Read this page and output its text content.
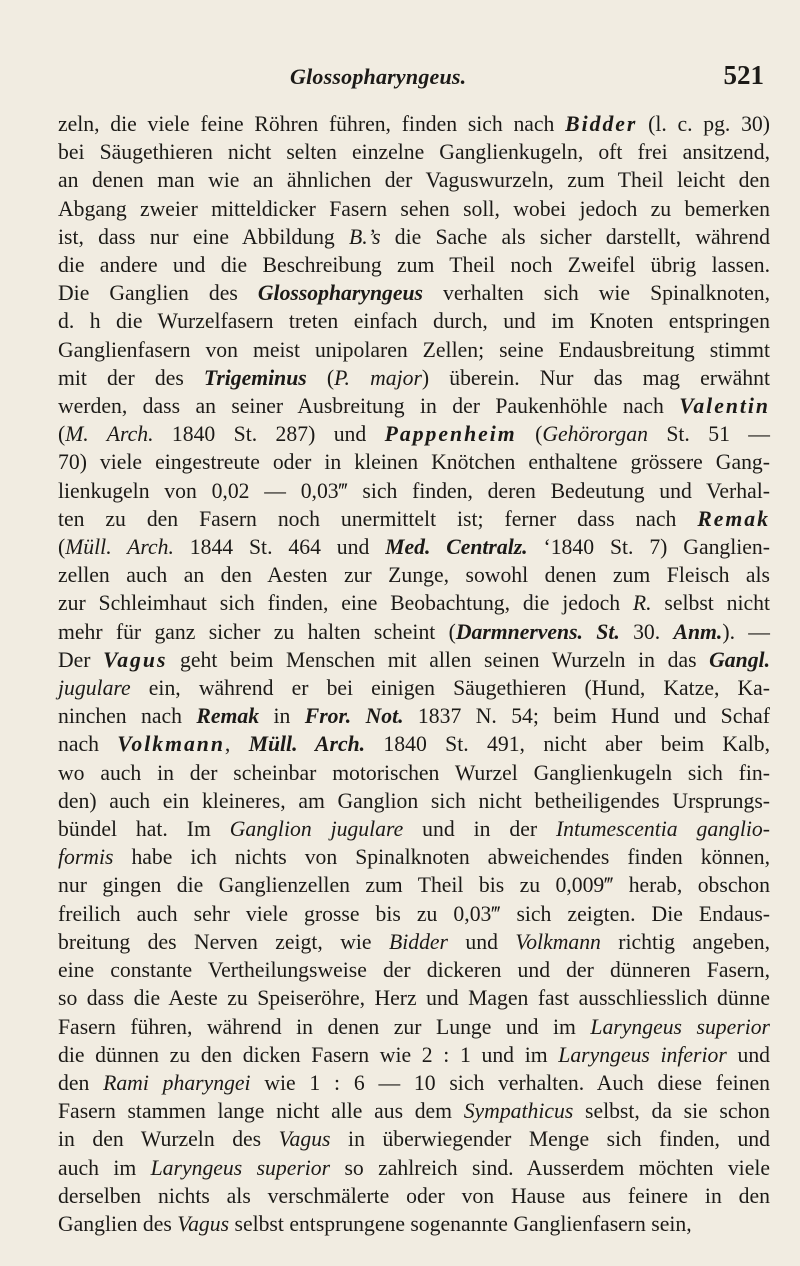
Glossopharyngeus.	521
zeln, die viele feine Röhren führen, finden sich nach Bidder (l. c. pg. 30)
bei Säugethieren nicht selten einzelne Ganglienkugeln, oft frei ansitzend,
an denen man wie an ähnlichen der Vaguswurzeln, zum Theil leicht den
Abgang zweier mitteldicker Fasern sehen soll, wobei jedoch zu bemerken
ist, dass nur eine Abbildung B.’s die Sache als sicher darstellt, während
die andere und die Beschreibung zum Theil noch Zweifel übrig lassen.
Die Ganglien des Glossopharyngeus verhalten sich wie Spinalknoten,
d. h die Wurzelfasern treten einfach durch, und im Knoten entspringen
Ganglienfasern von meist unipolaren Zellen; seine Endausbreitung stimmt
mit der des Trigeminus (P. major) überein. Nur das mag erwähnt
werden, dass an seiner Ausbreitung in der Paukenhöhle nach Valentin
(M. Arch. 1840 St. 287) und Pappenheim (Gehörorgan St. 51 —
70) viele eingestreute oder in kleinen Knötchen enthaltene grössere Gang-
lienkugeln von 0,02 — 0,03‴ sich finden, deren Bedeutung und Verhal-
ten zu den Fasern noch unermittelt ist; ferner dass nach Remak
(Müll. Arch. 1844 St. 464 und Med. Centralz. ‘1840 St. 7) Ganglien-
zellen auch an den Aesten zur Zunge, sowohl denen zum Fleisch als
zur Schleimhaut sich finden, eine Beobachtung, die jedoch R. selbst nicht
mehr für ganz sicher zu halten scheint (Darmnervens. St. 30. Anm.). —
Der Vagus geht beim Menschen mit allen seinen Wurzeln in das Gangl.
jugulare ein, während er bei einigen Säugethieren (Hund, Katze, Ka-
ninchen nach Remak in Fror. Not. 1837 N. 54; beim Hund und Schaf
nach Volkmann, Müll. Arch. 1840 St. 491, nicht aber beim Kalb,
wo auch in der scheinbar motorischen Wurzel Ganglienkugeln sich fin-
den) auch ein kleineres, am Ganglion sich nicht betheiligendes Ursprungs-
bündel hat. Im Ganglion jugulare und in der Intumescentia ganglio-
formis habe ich nichts von Spinalknoten abweichendes finden können,
nur gingen die Ganglienzellen zum Theil bis zu 0,009‴ herab, obschon
freilich auch sehr viele grosse bis zu 0,03‴ sich zeigten. Die Endaus-
breitung des Nerven zeigt, wie Bidder und Volkmann richtig angeben,
eine constante Vertheilungsweise der dickeren und der dünneren Fasern,
so dass die Aeste zu Speiseröhre, Herz und Magen fast ausschliesslich dünne
Fasern führen, während in denen zur Lunge und im Laryngeus superior
die dünnen zu den dicken Fasern wie 2 : 1 und im Laryngeus inferior und
den Rami pharyngei wie 1 : 6 — 10 sich verhalten. Auch diese feinen
Fasern stammen lange nicht alle aus dem Sympathicus selbst, da sie schon
in den Wurzeln des Vagus in überwiegender Menge sich finden, und
auch im Laryngeus superior so zahlreich sind. Ausserdem möchten viele
derselben nichts als verschmälerte oder von Hause aus feinere in den
Ganglien des Vagus selbst entsprungene sogenannte Ganglienfasern sein,
